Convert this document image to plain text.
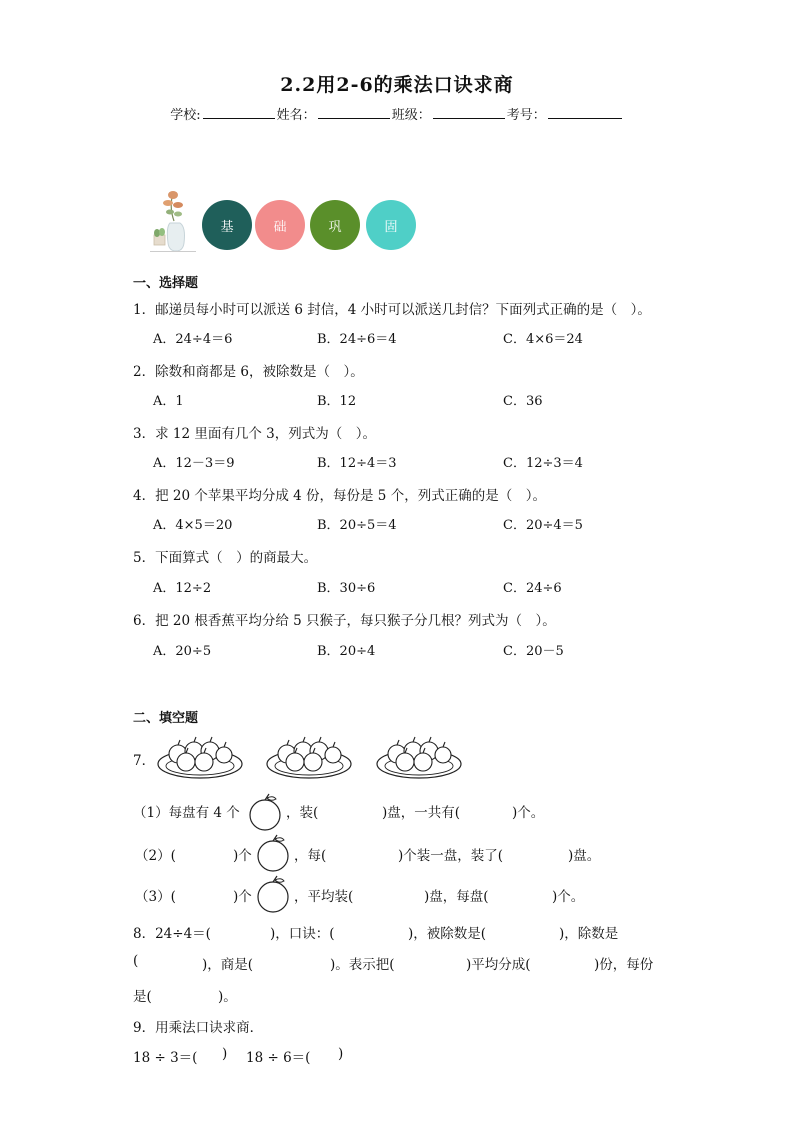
2.2用2-6的乘法口诀求商
学校:	姓名：	班级：	考号：
基	础	巩	固
一、选择题
1．邮递员每小时可以派送 6 封信，4 小时可以派送几封信？下面列式正确的是（　）。
A．24÷4＝6	B．24÷6＝4	C．4×6＝24
2．除数和商都是 6，被除数是（　）。
A．1	B．12	C．36
3．求 12 里面有几个 3，列式为（　）。
A．12－3＝9	B．12÷4＝3	C．12÷3＝4
4．把 20 个苹果平均分成 4 份，每份是 5 个，列式正确的是（　）。
A．4×5＝20	B．20÷5＝4	C．20÷4＝5
5．下面算式（　）的商最大。
A．12÷2	B．30÷6	C．24÷6
6．把 20 根香蕉平均分给 5 只猴子，每只猴子分几根？列式为（　）。
A．20÷5	B．20÷4	C．20－5
二、填空题
7．
（1）每盘有 4 个	，装(	)盘，一共有(	)个。
（2）(	)个	，每(	)个装一盘，装了(	)盘。
（3）(	)个	，平均装(	)盘，每盘(	)个。
8．24÷4＝(	)，口诀：(	)，被除数是(	)，除数是
(	)，商是(	)。表示把(	)平均分成(	)份，每份
是(	)。
9．用乘法口诀求商．
18 ÷ 3＝( ) 18 ÷ 6＝( )
